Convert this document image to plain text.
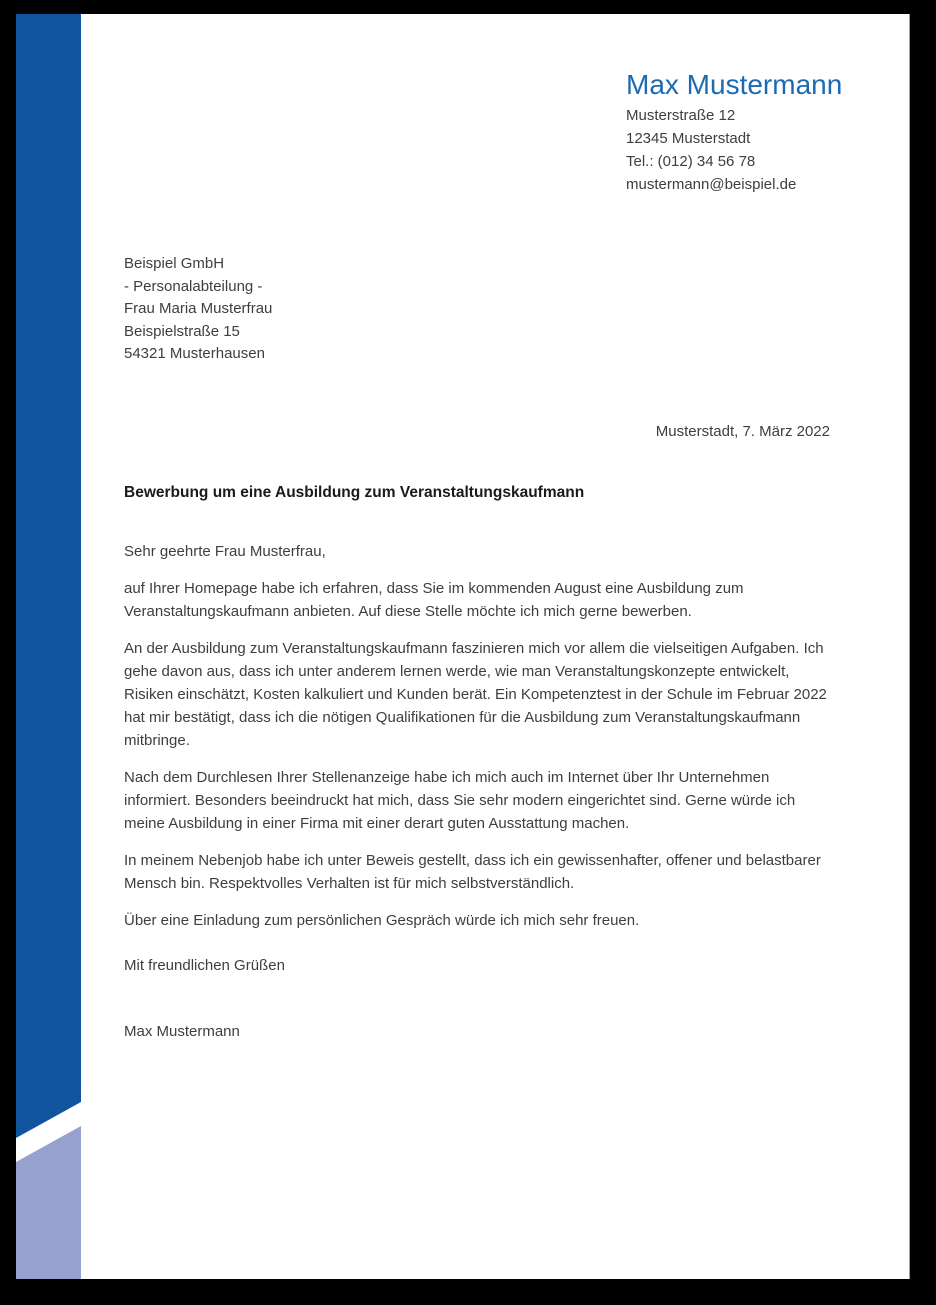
Max Mustermann
Musterstraße 12
12345 Musterstadt
Tel.: (012) 34 56 78
mustermann@beispiel.de
Beispiel GmbH
- Personalabteilung -
Frau Maria Musterfrau
Beispielstraße 15
54321 Musterhausen
Musterstadt, 7. März 2022
Bewerbung um eine Ausbildung zum Veranstaltungskaufmann
Sehr geehrte Frau Musterfrau,

auf Ihrer Homepage habe ich erfahren, dass Sie im kommenden August eine Ausbildung zum Veranstaltungskaufmann anbieten. Auf diese Stelle möchte ich mich gerne bewerben.

An der Ausbildung zum Veranstaltungskaufmann faszinieren mich vor allem die vielseitigen Aufgaben. Ich gehe davon aus, dass ich unter anderem lernen werde, wie man Veranstaltungskonzepte entwickelt, Risiken einschätzt, Kosten kalkuliert und Kunden berät. Ein Kompetenztest in der Schule im Februar 2022 hat mir bestätigt, dass ich die nötigen Qualifikationen für die Ausbildung zum Veranstaltungskaufmann mitbringe.

Nach dem Durchlesen Ihrer Stellenanzeige habe ich mich auch im Internet über Ihr Unternehmen informiert. Besonders beeindruckt hat mich, dass Sie sehr modern eingerichtet sind. Gerne würde ich meine Ausbildung in einer Firma mit einer derart guten Ausstattung machen.

In meinem Nebenjob habe ich unter Beweis gestellt, dass ich ein gewissenhafter, offener und belastbarer Mensch bin. Respektvolles Verhalten ist für mich selbstverständlich.

Über eine Einladung zum persönlichen Gespräch würde ich mich sehr freuen.

Mit freundlichen Grüßen
Max Mustermann
